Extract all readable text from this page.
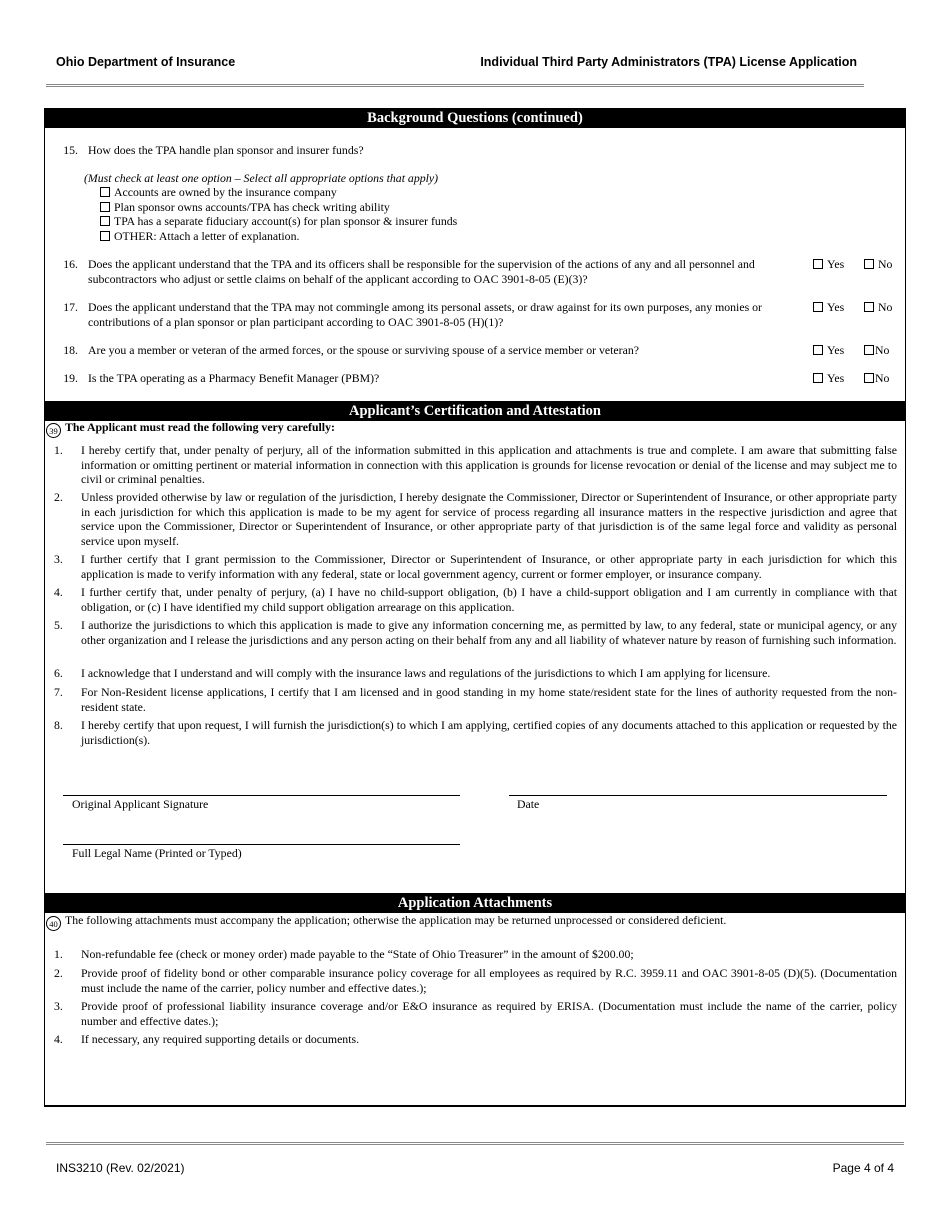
Ohio Department of Insurance	Individual Third Party Administrators (TPA) License Application
Background Questions (continued)
15. How does the TPA handle plan sponsor and insurer funds?
(Must check at least one option – Select all appropriate options that apply)
Accounts are owned by the insurance company
Plan sponsor owns accounts/TPA has check writing ability
TPA has a separate fiduciary account(s) for plan sponsor & insurer funds
OTHER: Attach a letter of explanation.
16. Does the applicant understand that the TPA and its officers shall be responsible for the supervision of the actions of any and all personnel and subcontractors who adjust or settle claims on behalf of the applicant according to OAC 3901-8-05 (E)(3)?
Yes	No
17. Does the applicant understand that the TPA may not commingle among its personal assets, or draw against for its own purposes, any monies or contributions of a plan sponsor or plan participant according to OAC 3901-8-05 (H)(1)?
Yes	No
18. Are you a member or veteran of the armed forces, or the spouse or surviving spouse of a service member or veteran?	Yes	No
19. Is the TPA operating as a Pharmacy Benefit Manager (PBM)?	Yes	No
Applicant’s Certification and Attestation
39 The Applicant must read the following very carefully:
1. I hereby certify that, under penalty of perjury, all of the information submitted in this application and attachments is true and complete. I am aware that submitting false information or omitting pertinent or material information in connection with this application is grounds for license revocation or denial of the license and may subject me to civil or criminal penalties.
2. Unless provided otherwise by law or regulation of the jurisdiction, I hereby designate the Commissioner, Director or Superintendent of Insurance, or other appropriate party in each jurisdiction for which this application is made to be my agent for service of process regarding all insurance matters in the respective jurisdiction and agree that service upon the Commissioner, Director or Superintendent of Insurance, or other appropriate party of that jurisdiction is of the same legal force and validity as personal service upon myself.
3. I further certify that I grant permission to the Commissioner, Director or Superintendent of Insurance, or other appropriate party in each jurisdiction for which this application is made to verify information with any federal, state or local government agency, current or former employer, or insurance company.
4. I further certify that, under penalty of perjury, (a) I have no child-support obligation, (b) I have a child-support obligation and I am currently in compliance with that obligation, or (c) I have identified my child support obligation arrearage on this application.
5. I authorize the jurisdictions to which this application is made to give any information concerning me, as permitted by law, to any federal, state or municipal agency, or any other organization and I release the jurisdictions and any person acting on their behalf from any and all liability of whatever nature by reason of furnishing such information.
6. I acknowledge that I understand and will comply with the insurance laws and regulations of the jurisdictions to which I am applying for licensure.
7. For Non-Resident license applications, I certify that I am licensed and in good standing in my home state/resident state for the lines of authority requested from the non-resident state.
8. I hereby certify that upon request, I will furnish the jurisdiction(s) to which I am applying, certified copies of any documents attached to this application or requested by the jurisdiction(s).
Original Applicant Signature	Date
Full Legal Name (Printed or Typed)
Application Attachments
40 The following attachments must accompany the application; otherwise the application may be returned unprocessed or considered deficient.
1. Non-refundable fee (check or money order) made payable to the “State of Ohio Treasurer” in the amount of $200.00;
2. Provide proof of fidelity bond or other comparable insurance policy coverage for all employees as required by R.C. 3959.11 and OAC 3901-8-05 (D)(5). (Documentation must include the name of the carrier, policy number and effective dates.);
3. Provide proof of professional liability insurance coverage and/or E&O insurance as required by ERISA. (Documentation must include the name of the carrier, policy number and effective dates.);
4. If necessary, any required supporting details or documents.
INS3210 (Rev. 02/2021)	Page 4 of 4
